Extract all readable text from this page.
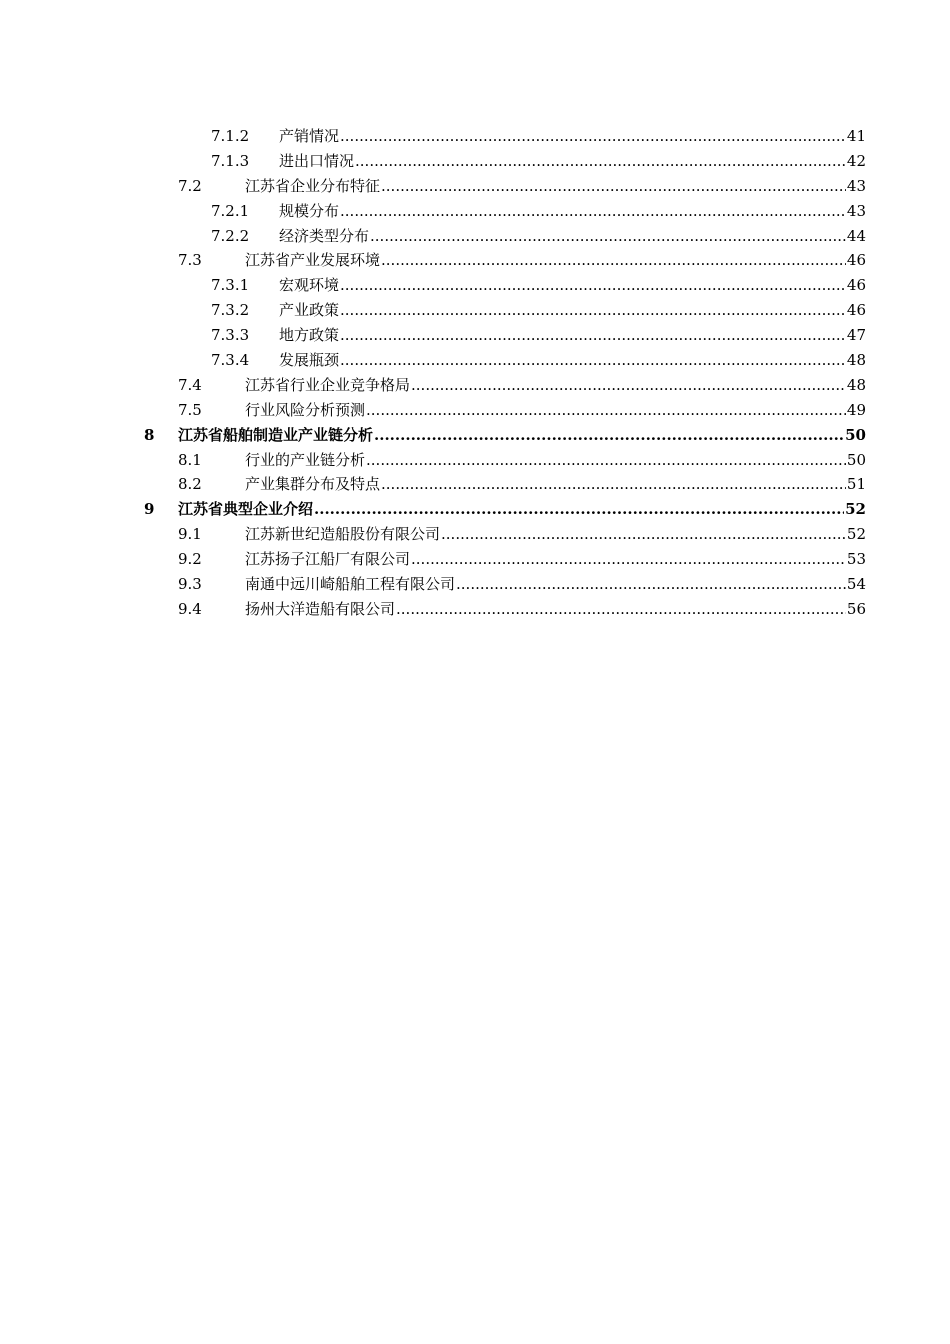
7.1.2 产销情况 .....	41
7.1.3 进出口情况 .....	42
7.2	江苏省企业分布特征 .....	43
7.2.1 规模分布 .....	43
7.2.2 经济类型分布 .....	44
7.3	江苏省产业发展环境 .....	46
7.3.1 宏观环境 .....	46
7.3.2 产业政策 .....	46
7.3.3 地方政策 .....	47
7.3.4 发展瓶颈 .....	48
7.4	江苏省行业企业竞争格局 .....	48
7.5	行业风险分析预测 .....	49
8 江苏省船舶制造业产业链分析 .....	50
8.1	行业的产业链分析 .....	50
8.2	产业集群分布及特点 .....	51
9 江苏省典型企业介绍 .....	52
9.1	江苏新世纪造船股份有限公司 .....	52
9.2	江苏扬子江船厂有限公司 .....	53
9.3	南通中远川崎船舶工程有限公司 .....	54
9.4	扬州大洋造船有限公司 .....	56
